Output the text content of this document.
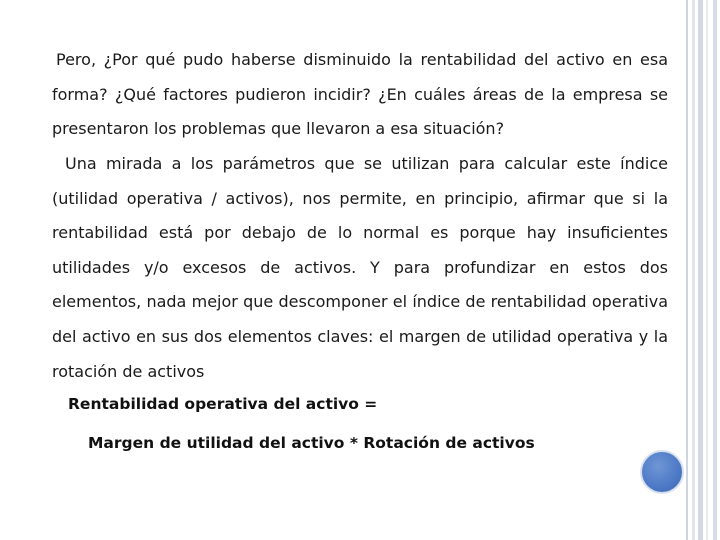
Pero, ¿Por qué pudo haberse disminuido la rentabilidad del activo en esa forma? ¿Qué factores pudieron incidir? ¿En cuáles áreas de la empresa se presentaron los problemas que llevaron a esa situación?

Una mirada a los parámetros que se utilizan para calcular este índice (utilidad operativa / activos), nos permite, en principio, afirmar que si la rentabilidad está por debajo de lo normal es porque hay insuficientes utilidades y/o excesos de activos. Y para profundizar en estos dos elementos, nada mejor que descomponer el índice de rentabilidad operativa del activo en sus dos elementos claves: el margen de utilidad operativa y la rotación de activos

Rentabilidad operativa del activo =

Margen de utilidad del activo * Rotación de activos
